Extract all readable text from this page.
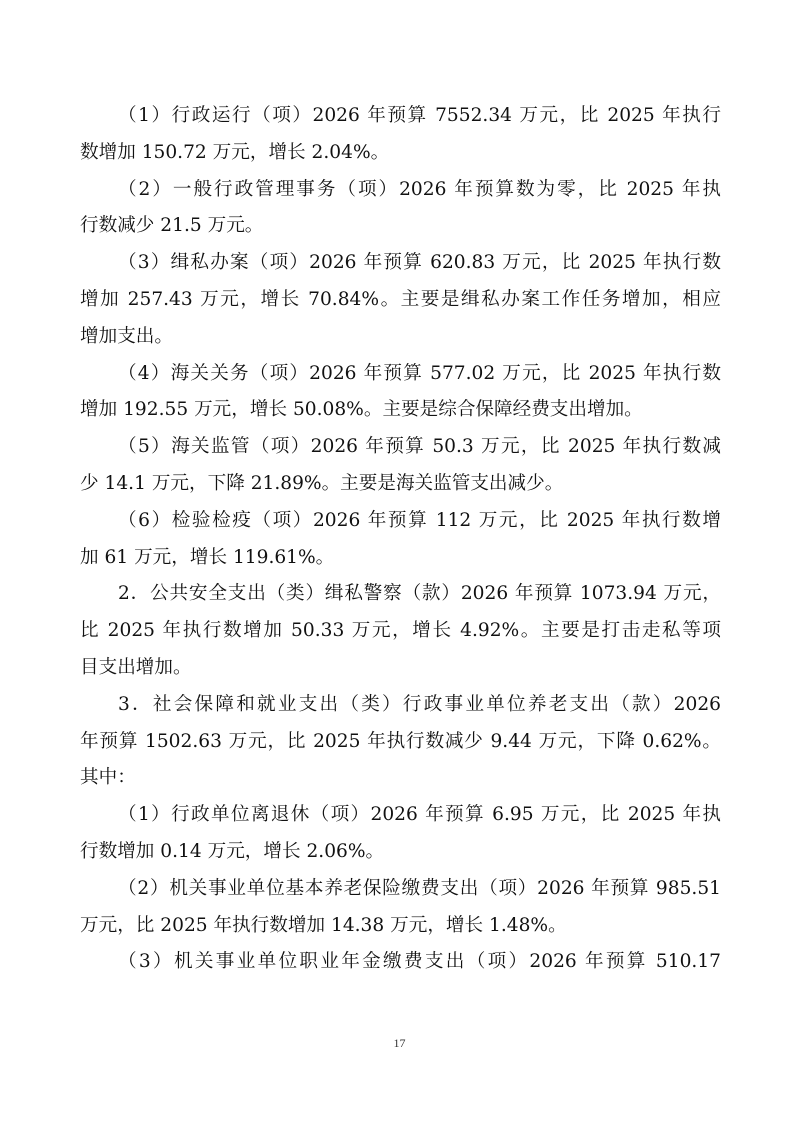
（1）行政运行（项）2026 年预算 7552.34 万元，比 2025 年执行
数增加 150.72 万元，增长 2.04%。
（2）一般行政管理事务（项）2026 年预算数为零，比 2025 年执
行数减少 21.5 万元。
（3）缉私办案（项）2026 年预算 620.83 万元，比 2025 年执行数
增加 257.43 万元，增长 70.84%。主要是缉私办案工作任务增加，相应
增加支出。
（4）海关关务（项）2026 年预算 577.02 万元，比 2025 年执行数
增加 192.55 万元，增长 50.08%。主要是综合保障经费支出增加。
（5）海关监管（项）2026 年预算 50.3 万元，比 2025 年执行数减
少 14.1 万元，下降 21.89%。主要是海关监管支出减少。
（6）检验检疫（项）2026 年预算 112 万元，比 2025 年执行数增
加 61 万元，增长 119.61%。
2．公共安全支出（类）缉私警察（款）2026 年预算 1073.94 万元，
比 2025 年执行数增加 50.33 万元，增长 4.92%。主要是打击走私等项
目支出增加。
3．社会保障和就业支出（类）行政事业单位养老支出（款）2026
年预算 1502.63 万元，比 2025 年执行数减少 9.44 万元，下降 0.62%。
其中：
（1）行政单位离退休（项）2026 年预算 6.95 万元，比 2025 年执
行数增加 0.14 万元，增长 2.06%。
（2）机关事业单位基本养老保险缴费支出（项）2026 年预算 985.51
万元，比 2025 年执行数增加 14.38 万元，增长 1.48%。
（3）机关事业单位职业年金缴费支出（项）2026 年预算 510.17
17
